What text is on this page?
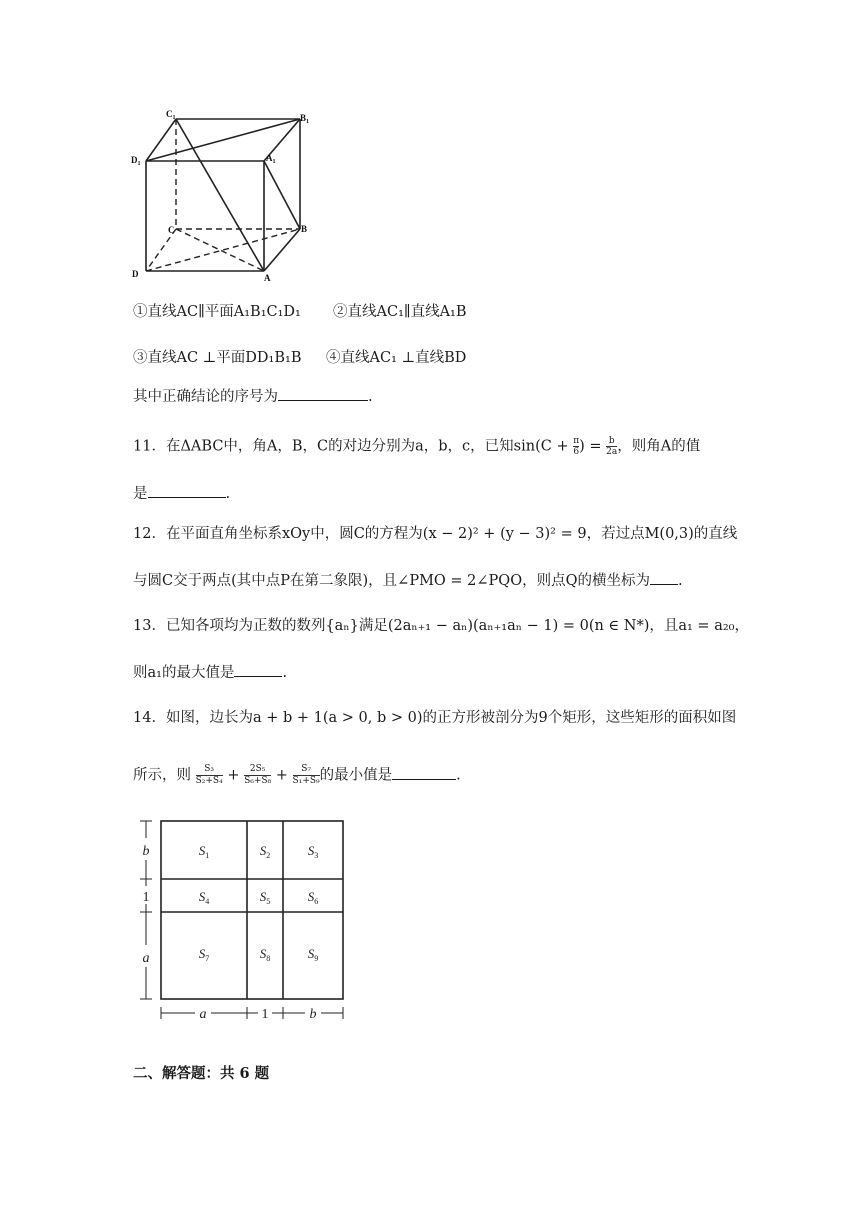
$C_1$	$B_1$
$D_1$
$A_1$
C	B
D	A
①直线AC∥平面A₁B₁C₁D₁ ②直线AC₁∥直线A₁B
③直线AC ⊥平面DD₁B₁B ④直线AC₁ ⊥直线BD
其中正确结论的序号为	.
11．在ΔABC中，角A，B，C的对边分别为a，b，c，已知$\sin(C + \frac{\pi}{6}$ ) = $\frac{b}{2a}$ ，则角A的值
是	.
12．在平面直角坐标系xOy中，圆C的方程为(x − 2)² + (y − 3)² = 9，若过点M(0,3)的直线
与圆C交于两点(其中点P在第二象限)，且∠PMO = 2∠PQO，则点Q的横坐标为 .
13．已知各项均为正数的数列{aₙ}满足(2aₙ₊₁ − aₙ)(aₙ₊₁aₙ − 1) = 0(n ∈ N*)，且a₁ = a₂₀，
则a₁的最大值是	.
14．如图，边长为a + b + 1(a > 0, b > 0)的正方形被剖分为9个矩形，这些矩形的面积如图
所示，则 $\frac{\text{S₃}}{\text{S₂+S₄}} + \frac{\text{2S₅}}{\text{S₆+S₈}} + \frac{\text{S₇}}{\text{S₁+S₉}}$ 的最小值是	.
b
1
a
a	1	b
$S_1$	$S_2$	$S_3$
$S_4$	$S_5$	$S_6$
$S_7$	$S_8$	$S_9$
二、解答题：共 6 题
